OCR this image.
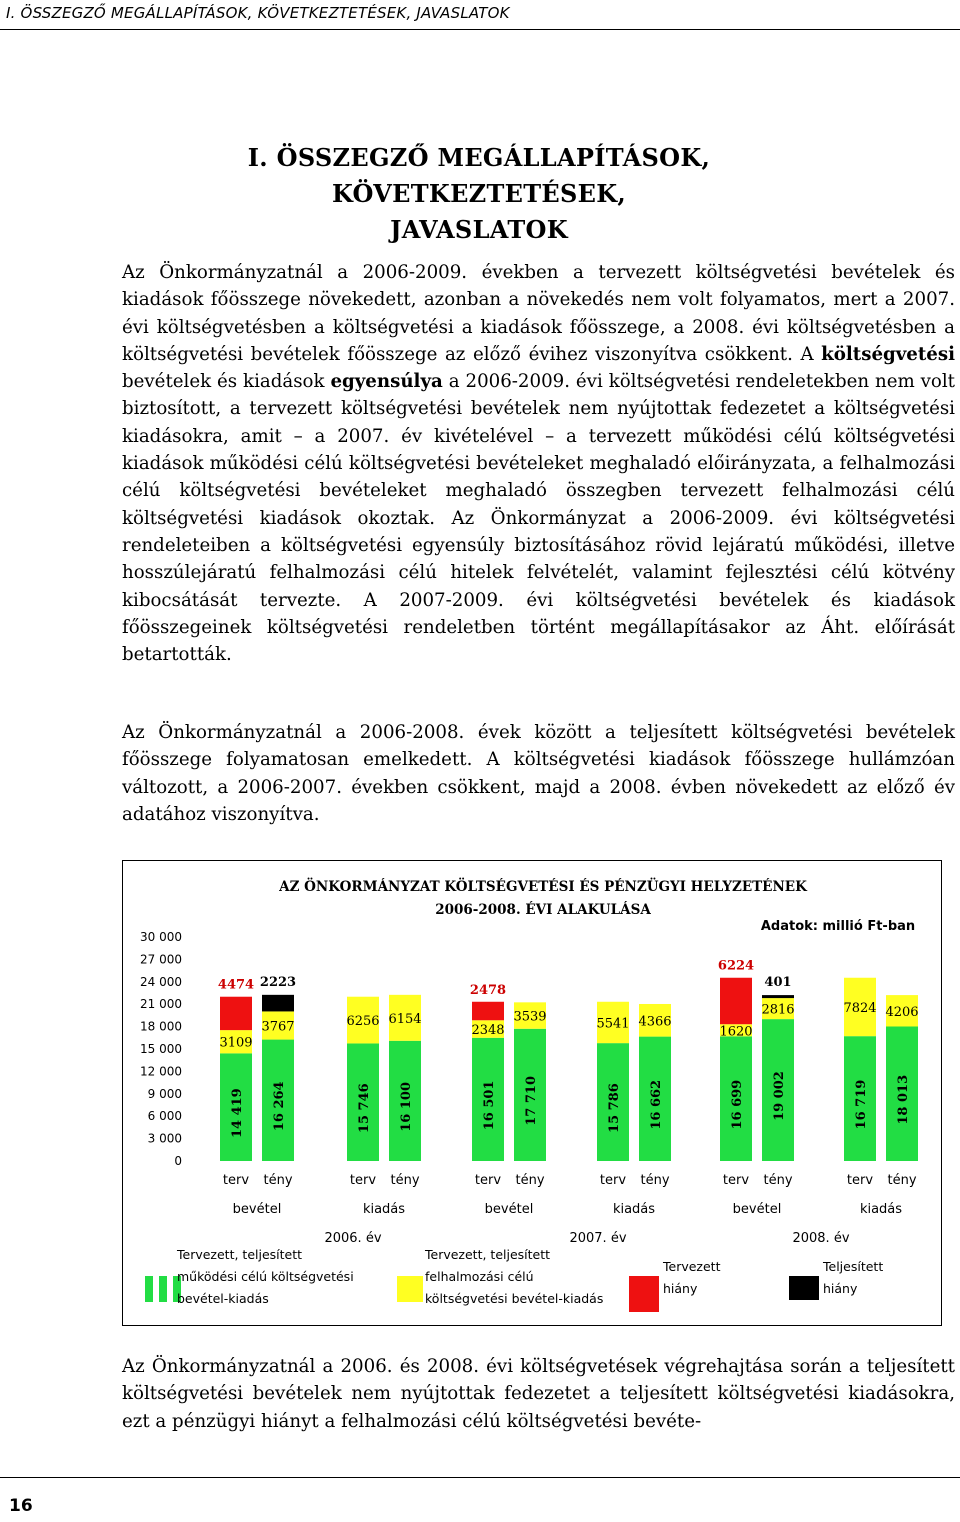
I. ÖSSZEGZŐ MEGÁLLAPÍTÁSOK, KÖVETKEZTETÉSEK, JAVASLATOK
I. ÖSSZEGZŐ MEGÁLLAPÍTÁSOK, KÖVETKEZTETÉSEK,
JAVASLATOK
Az Önkormányzatnál a 2006-2009. években a tervezett költségvetési bevételek és kiadások főösszege növekedett, azonban a növekedés nem volt folyamatos, mert a 2007. évi költségvetésben a költségvetési a kiadások főösszege, a 2008. évi költségvetésben a költségvetési bevételek főösszege az előző évihez viszonyítva csökkent. A költségvetési bevételek és kiadások egyensúlya a 2006-2009. évi költségvetési rendeletekben nem volt biztosított, a tervezett költségvetési bevételek nem nyújtottak fedezetet a költségvetési kiadásokra, amit – a 2007. év kivételével – a tervezett működési célú költségvetési kiadások működési célú költségvetési bevételeket meghaladó előirányzata, a felhalmozási célú költségvetési bevételeket meghaladó összegben tervezett felhalmozási célú költségvetési kiadások okoztak. Az Önkormányzat a 2006-2009. évi költségvetési rendeleteiben a költségvetési egyensúly biztosításához rövid lejáratú működési, illetve hosszúlejáratú felhalmozási célú hitelek felvételét, valamint fejlesztési célú kötvény kibocsátását tervezte. A 2007-2009. évi költségvetési bevételek és kiadások főösszegeinek költségvetési rendeletben történt megállapításakor az Áht. előírását betartották.
Az Önkormányzatnál a 2006-2008. évek között a teljesített költségvetési bevételek főösszege folyamatosan emelkedett. A költségvetési kiadások főösszege hullámzóan változott, a 2006-2007. években csökkent, majd a 2008. évben növekedett az előző év adatához viszonyítva.
AZ ÖNKORMÁNYZAT KÖLTSÉGVETÉSI ÉS PÉNZÜGYI HELYZETÉNEK
2006-2008. ÉVI ALAKULÁSA
Adatok: millió Ft-ban
0
3 000
6 000
9 000
12 000
15 000
18 000
21 000
24 000
27 000
30 000
14 419
3109
4474
16 264
3767
2223
15 746
6256
16 100
6154
16 501
2348
2478
17 710
3539
15 786
5541
16 662
4366
16 699
1620
6224
19 002
2816
401
16 719
7824
18 013
4206
terv tény	terv tény	terv tény	terv tény	terv tény	terv tény
bevétel	kiadás	bevétel	kiadás	bevétel	kiadás
2006. év	2007. év	2008. év
Tervezett, teljesített
működési célú költségvetési
bevétel-kiadás
Tervezett, teljesített
felhalmozási célú
költségvetési bevétel-kiadás
Tervezett
hiány
Teljesített
hiány
Az Önkormányzatnál a 2006. és 2008. évi költségvetések végrehajtása során a teljesített költségvetési bevételek nem nyújtottak fedezetet a teljesített költségvetési kiadásokra, ezt a pénzügyi hiányt a felhalmozási célú költségvetési bevéte-
16
